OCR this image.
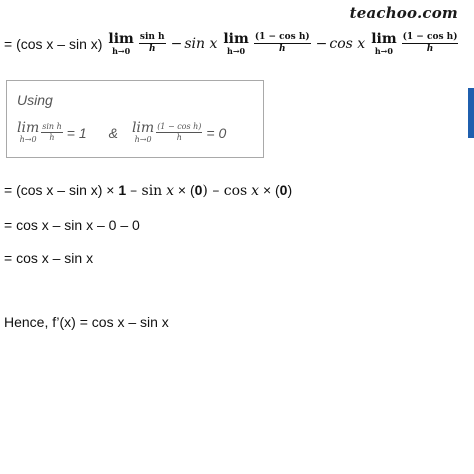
teachoo.com
= (cos x – sin x) lim
$h\to 0 \frac{\text{sin h}}{h} - \sin x$ lim
$h\to 0 \frac{\text{(1 − cos h)}}{h} - \cos x$ lim
$h\to 0 \frac{\text{(1 − cos h)}}{h}$
Using
lim
$h\to 0 \frac{\text{sin h}}{h} = 1$ & lim
$h\to 0 \frac{\text{(1 − cos h)}}{h} = 0$
= (cos x – sin x) × 1 – sin x × (0) – cos x × (0)
= cos x – sin x – 0 – 0
= cos x – sin x
Hence, f’(x) = cos x – sin x
